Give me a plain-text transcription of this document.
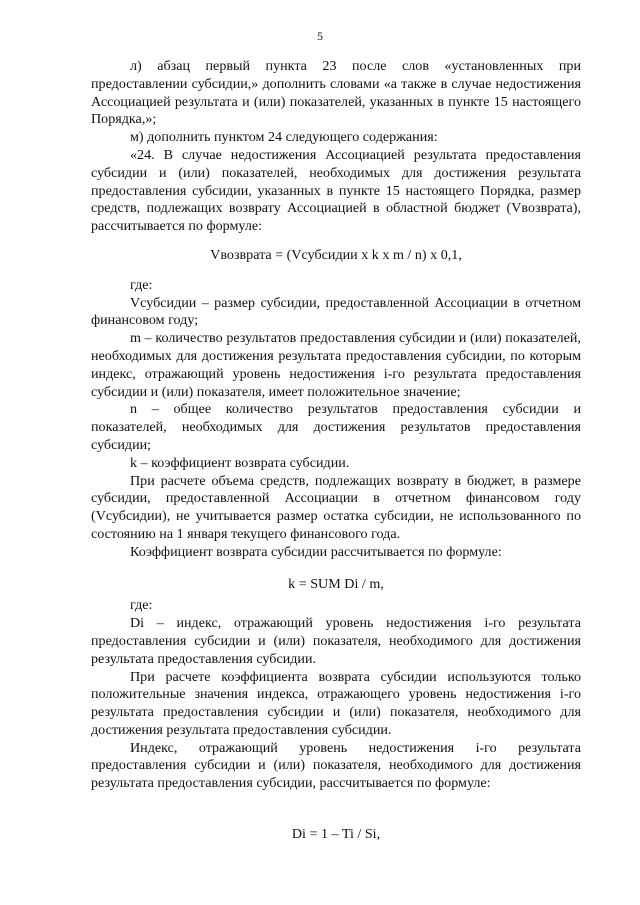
5

л) абзац первый пункта 23 после слов «установленных при предоставлении субсидии,» дополнить словами «а также в случае недостижения Ассоциацией результата и (или) показателей, указанных в пункте 15 настоящего Порядка,»;

м) дополнить пунктом 24 следующего содержания:

«24. В случае недостижения Ассоциацией результата предоставления субсидии и (или) показателей, необходимых для достижения результата предоставления субсидии, указанных в пункте 15 настоящего Порядка, размер средств, подлежащих возврату Ассоциацией в областной бюджет (Vвозврата), рассчитывается по формуле:

Vвозврата = (Vсубсидии x k x m / n) x 0,1,

где:

Vсубсидии – размер субсидии, предоставленной Ассоциации в отчетном финансовом году;

m – количество результатов предоставления субсидии и (или) показателей, необходимых для достижения результата предоставления субсидии, по которым индекс, отражающий уровень недостижения i-го результата предоставления субсидии и (или) показателя, имеет положительное значение;

n – общее количество результатов предоставления субсидии и показателей, необходимых для достижения результатов предоставления субсидии;

k – коэффициент возврата субсидии.

При расчете объема средств, подлежащих возврату в бюджет, в размере субсидии, предоставленной Ассоциации в отчетном финансовом году (Vсубсидии), не учитывается размер остатка субсидии, не использованного по состоянию на 1 января текущего финансового года.

Коэффициент возврата субсидии рассчитывается по формуле:

k = SUM Di / m,

где:

Di – индекс, отражающий уровень недостижения i-го результата предоставления субсидии и (или) показателя, необходимого для достижения результата предоставления субсидии.

При расчете коэффициента возврата субсидии используются только положительные значения индекса, отражающего уровень недостижения i-го результата предоставления субсидии и (или) показателя, необходимого для достижения результата предоставления субсидии.

Индекс, отражающий уровень недостижения i-го результата предоставления субсидии и (или) показателя, необходимого для достижения результата предоставления субсидии, рассчитывается по формуле:

Di = 1 – Ti / Si,
